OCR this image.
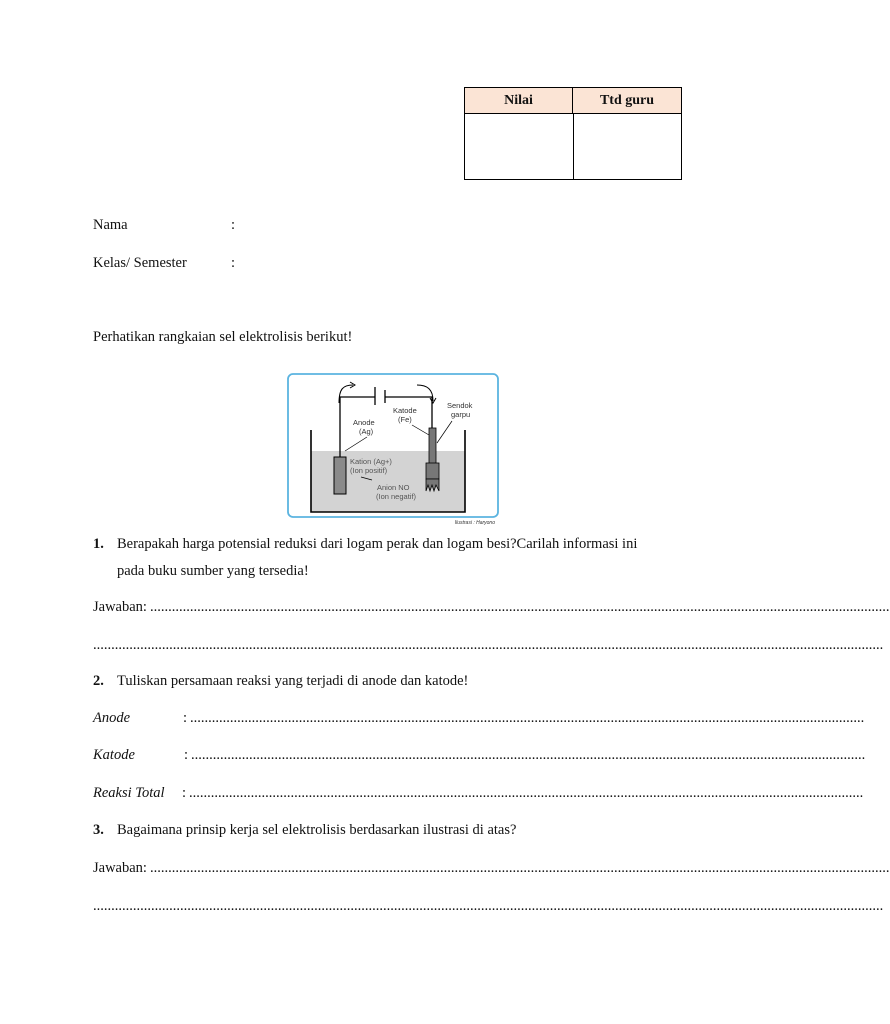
Nilai	Ttd guru
Nama	:
Kelas/ Semester	:
Perhatikan rangkaian sel elektrolisis berikut!
Anode
(Ag)
Katode
(Fe)
Sendok
garpu
Kation (Ag+)
(Ion positif)
Anion NO
(Ion negatif)
Ilustrasi : Haryono
1. Berapakah harga potensial reduksi dari logam perak dan logam besi?Carilah informasi ini
pada buku sumber yang tersedia!
Jawaban: ............................................................................................................................................................................................................
..........................................................................................................................................................................................................................
2. Tuliskan persamaan reaksi yang terjadi di anode dan katode!
Anode	: ..........................................................................................................................................................................................
Katode	: ..........................................................................................................................................................................................
Reaksi Total : ..........................................................................................................................................................................................
3. Bagaimana prinsip kerja sel elektrolisis berdasarkan ilustrasi di atas?
Jawaban: ............................................................................................................................................................................................................
..........................................................................................................................................................................................................................
